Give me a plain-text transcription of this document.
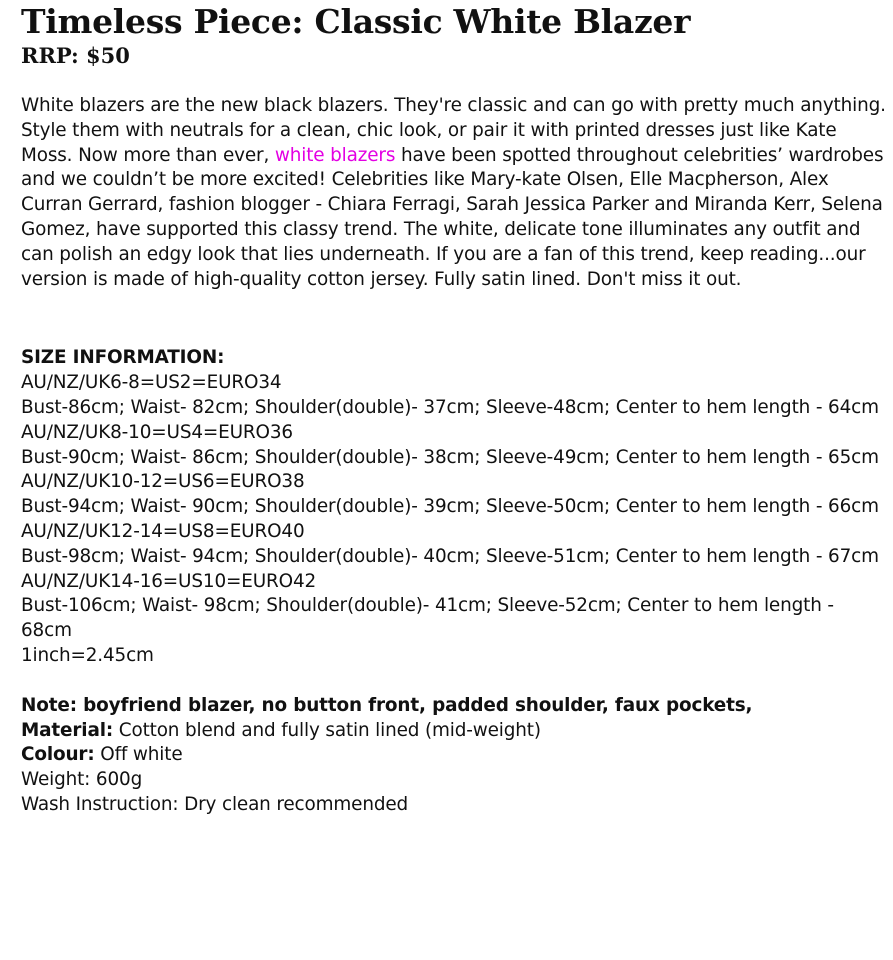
Timeless Piece: Classic White Blazer
RRP: $50

White blazers are the new black blazers. They're classic and can go with pretty much anything. Style them with neutrals for a clean, chic look, or pair it with printed dresses just like Kate Moss. Now more than ever, white blazers have been spotted throughout celebrities’ wardrobes and we couldn’t be more excited! Celebrities like Mary-kate Olsen, Elle Macpherson, Alex Curran Gerrard, fashion blogger - Chiara Ferragi, Sarah Jessica Parker and Miranda Kerr, Selena Gomez, have supported this classy trend. The white, delicate tone illuminates any outfit and can polish an edgy look that lies underneath. If you are a fan of this trend, keep reading...our version is made of high-quality cotton jersey. Fully satin lined. Don't miss it out.

SIZE INFORMATION:
AU/NZ/UK6-8=US2=EURO34
Bust-86cm; Waist- 82cm; Shoulder(double)- 37cm; Sleeve-48cm; Center to hem length - 64cm
AU/NZ/UK8-10=US4=EURO36
Bust-90cm; Waist- 86cm; Shoulder(double)- 38cm; Sleeve-49cm; Center to hem length - 65cm
AU/NZ/UK10-12=US6=EURO38
Bust-94cm; Waist- 90cm; Shoulder(double)- 39cm; Sleeve-50cm; Center to hem length - 66cm
AU/NZ/UK12-14=US8=EURO40
Bust-98cm; Waist- 94cm; Shoulder(double)- 40cm; Sleeve-51cm; Center to hem length - 67cm
AU/NZ/UK14-16=US10=EURO42
Bust-106cm; Waist- 98cm; Shoulder(double)- 41cm; Sleeve-52cm; Center to hem length - 68cm
1inch=2.45cm
Note: boyfriend blazer, no button front, padded shoulder, faux pockets,
Material: Cotton blend and fully satin lined (mid-weight)
Colour: Off white
Weight: 600g
Wash Instruction: Dry clean recommended
